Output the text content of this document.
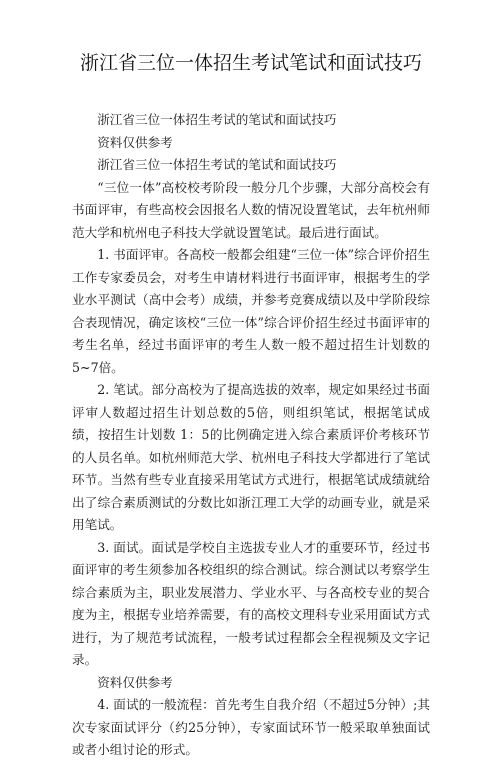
浙江省三位一体招生考试笔试和面试技巧

浙江省三位一体招生考试的笔试和面试技巧

资料仅供参考

浙江省三位一体招生考试的笔试和面试技巧

“三位一体”高校校考阶段一般分几个步骤，大部分高校会有书面评审，有些高校会因报名人数的情况设置笔试，去年杭州师范大学和杭州电子科技大学就设置笔试。最后进行面试。

1. 书面评审。各高校一般都会组建“三位一体”综合评价招生工作专家委员会，对考生申请材料进行书面评审，根据考生的学业水平测试（高中会考）成绩，并参考竞赛成绩以及中学阶段综合表现情况，确定该校“三位一体”综合评价招生经过书面评审的考生名单，经过书面评审的考生人数一般不超过招生计划数的5~7倍。

2. 笔试。部分高校为了提高选拔的效率，规定如果经过书面评审人数超过招生计划总数的5倍，则组织笔试，根据笔试成绩，按招生计划数 1：5的比例确定进入综合素质评价考核环节的人员名单。如杭州师范大学、杭州电子科技大学都进行了笔试环节。当然有些专业直接采用笔试方式进行，根据笔试成绩就给出了综合素质测试的分数比如浙江理工大学的动画专业，就是采用笔试。

3. 面试。面试是学校自主选拔专业人才的重要环节，经过书面评审的考生须参加各校组织的综合测试。综合测试以考察学生综合素质为主，职业发展潜力、学业水平、与各高校专业的契合度为主，根据专业培养需要，有的高校文理科专业采用面试方式进行，为了规范考试流程，一般考试过程都会全程视频及文字记录。

资料仅供参考

4. 面试的一般流程：首先考生自我介绍（不超过5分钟）;其次专家面试评分（约25分钟），专家面试环节一般采取单独面试或者小组讨论的形式。
